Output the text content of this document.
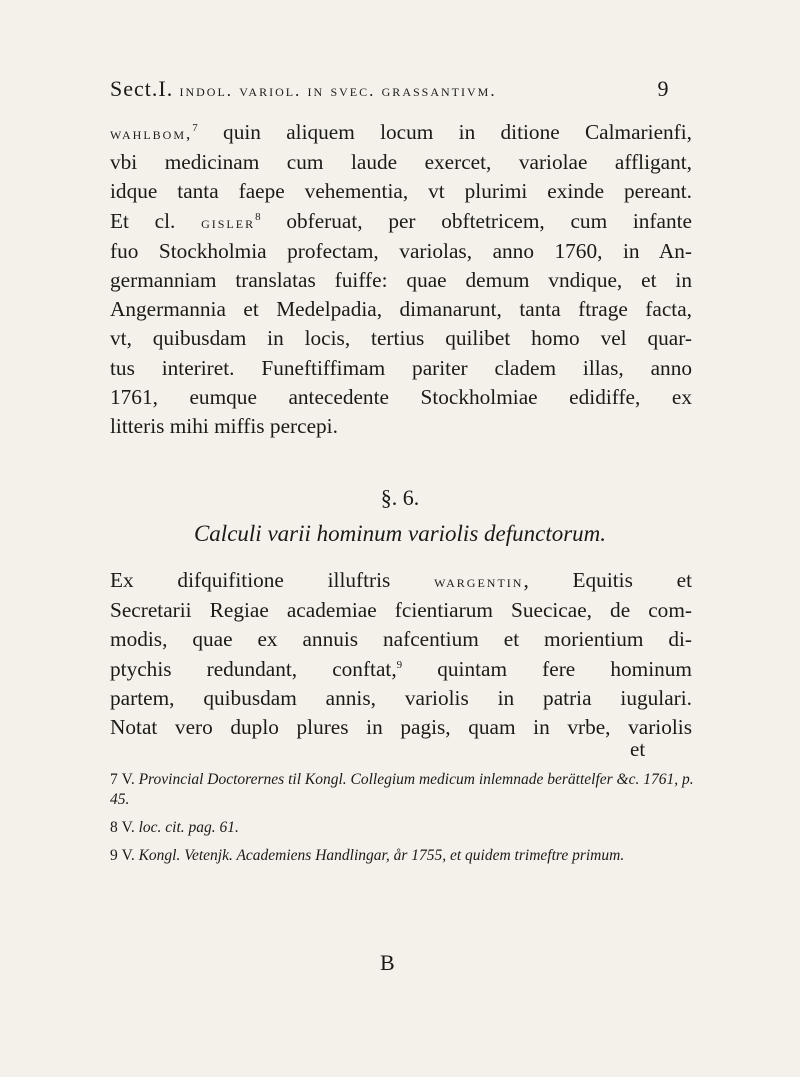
Sect.I. indol. variol. in svec. grassantivm.	9
wahlbom,$^7$ quin aliquem locum in ditione Calmarienfi,
vbi medicinam cum laude exercet, variolae affligant,
idque tanta faepe vehementia, vt plurimi exinde pereant.
Et cl. gisler$^8$ obferuat, per obftetricem, cum infante
fuo Stockholmia profectam, variolas, anno 1760, in An-
germanniam translatas fuiffe: quae demum vndique, et in
Angermannia et Medelpadia, dimanarunt, tanta ftrage facta,
vt, quibusdam in locis, tertius quilibet homo vel quar-
tus interiret. Funeftiffimam pariter cladem illas, anno
1761, eumque antecedente Stockholmiae edidiffe, ex
litteris mihi miffis percepi.
§. 6.
Calculi varii hominum variolis defunctorum.
Ex difquifitione illuftris wargentin, Equitis et
Secretarii Regiae academiae fcientiarum Suecicae, de com-
modis, quae ex annuis nafcentium et morientium di-
ptychis redundant, conftat,$^9$ quintam fere hominum
partem, quibusdam annis, variolis in patria iugulari.
Notat vero duplo plures in pagis, quam in vrbe, variolis
et
7 V. Provincial Doctorernes til Kongl. Collegium medicum inlemnade berättelfer &c. 1761, p. 45.
8 V. loc. cit. pag. 61.
9 V. Kongl. Vetenjk. Academiens Handlingar, år 1755, et quidem trimeftre primum.
B
